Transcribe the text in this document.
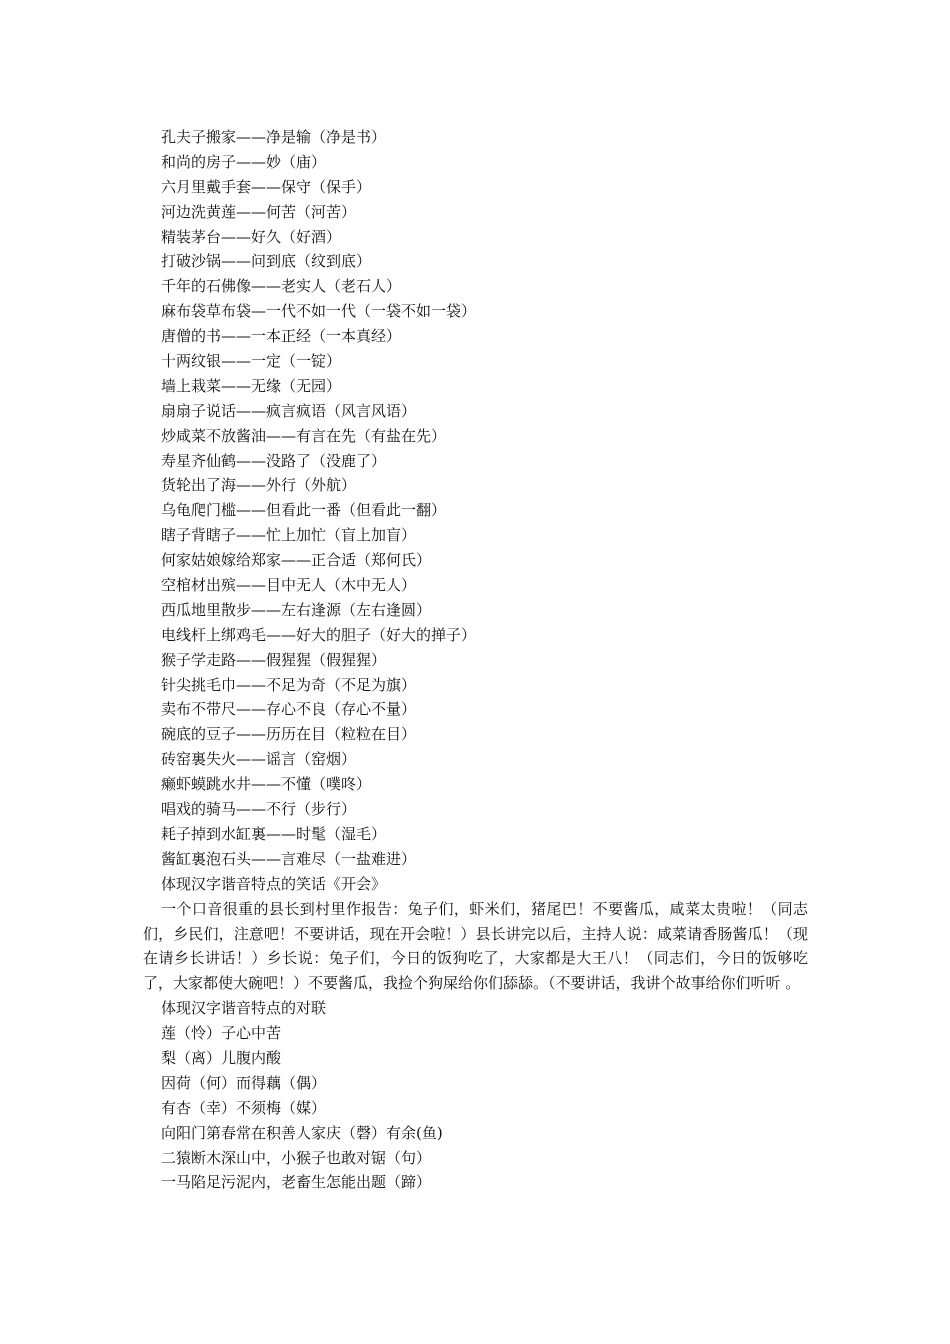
孔夫子搬家——净是输（净是书）
和尚的房子——妙（庙）
六月里戴手套——保守（保手）
河边洗黄莲——何苦（河苦）
精装茅台——好久（好酒）
打破沙锅——问到底（纹到底）
千年的石佛像——老实人（老石人）
麻布袋草布袋—一代不如一代（一袋不如一袋）
唐僧的书——一本正经（一本真经）
十两纹银——一定（一锭）
墙上栽菜——无缘（无园）
扇扇子说话——疯言疯语（风言风语）
炒咸菜不放酱油——有言在先（有盐在先）
寿星齐仙鹤——没路了（没鹿了）
货轮出了海——外行（外航）
乌龟爬门槛——但看此一番（但看此一翻）
瞎子背瞎子——忙上加忙（盲上加盲）
何家姑娘嫁给郑家——正合适（郑何氏）
空棺材出殡——目中无人（木中无人）
西瓜地里散步——左右逢源（左右逢圆）
电线杆上绑鸡毛——好大的胆子（好大的掸子）
猴子学走路——假猩猩（假猩猩）
针尖挑毛巾——不足为奇（不足为旗）
卖布不带尺——存心不良（存心不量）
碗底的豆子——历历在目（粒粒在目）
砖窑裏失火——谣言（窑烟）
癞虾蟆跳水井——不懂（噗咚）
唱戏的骑马——不行（步行）
耗子掉到水缸裏——时髦（湿毛）
酱缸裏泡石头——言难尽（一盐难进）
体现汉字谐音特点的笑话《开会》

一个口音很重的县长到村里作报告：兔子们，虾米们，猪尾巴！不要酱瓜，咸菜太贵啦！（同志们，乡民们，注意吧！不要讲话，现在开会啦！）县长讲完以后，主持人说：咸菜请香肠酱瓜！（现在请乡长讲话！）乡长说：兔子们，今日的饭狗吃了，大家都是大王八！（同志们，今日的饭够吃了，大家都使大碗吧！）不要酱瓜，我捡个狗屎给你们舔舔。（不要讲话，我讲个故事给你们听听 。

体现汉字谐音特点的对联
莲（怜）子心中苦
梨（离）儿腹内酸
因荷（何）而得藕（偶）
有杏（幸）不须梅（媒）
向阳门第春常在积善人家庆（磬）有余(鱼)
二猿断木深山中，小猴子也敢对锯（句）
一马陷足污泥内，老畜生怎能出题（蹄）
